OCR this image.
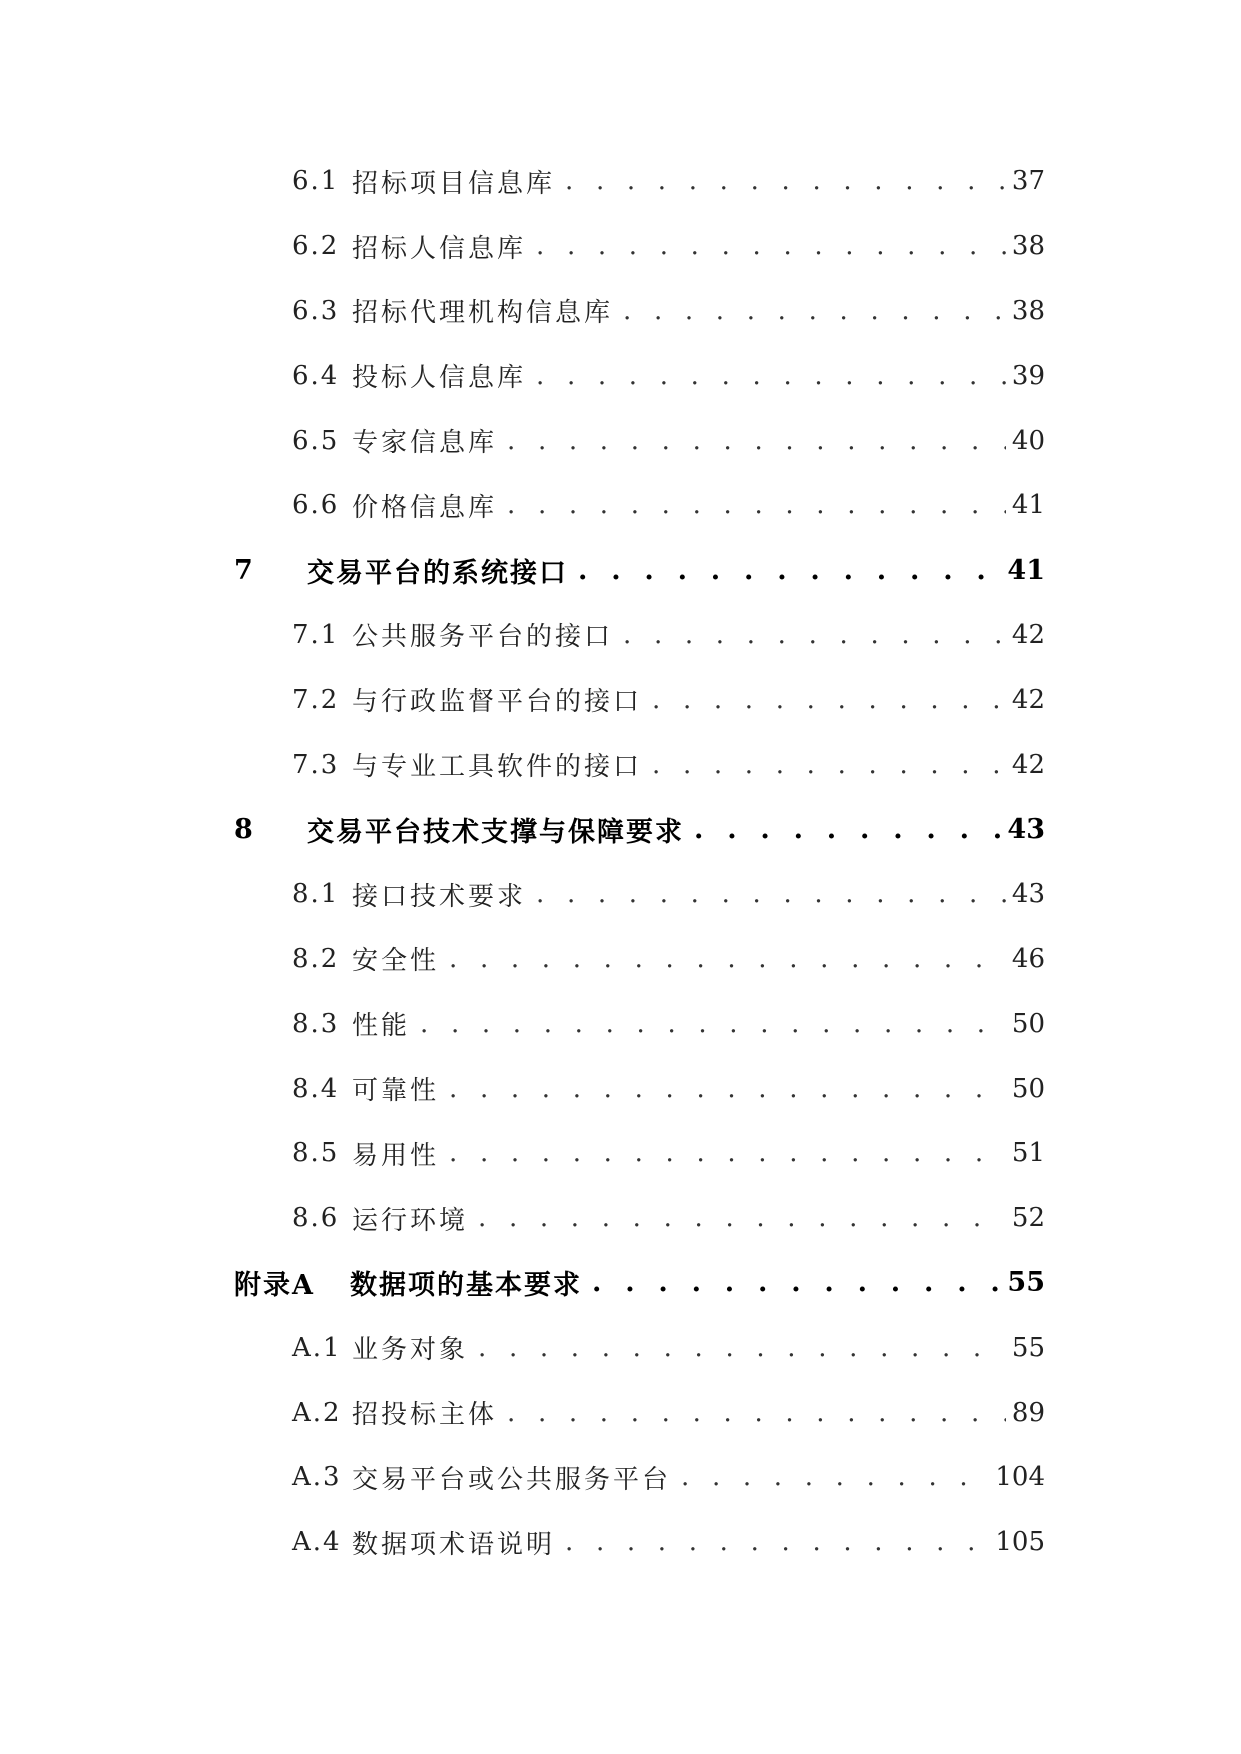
6.1 招标项目信息库 . . .	37
6.2 招标人信息库 . . .	38
6.3 招标代理机构信息库 . . .	38
6.4 投标人信息库 . . .	39
6.5 专家信息库 . . .	40
6.6 价格信息库 . . .	41
7	交易平台的系统接口 . . .	41
7.1 公共服务平台的接口 . . .	42
7.2 与行政监督平台的接口 . . .	42
7.3 与专业工具软件的接口 . . .	42
8	交易平台技术支撑与保障要求 . . .	43
8.1 接口技术要求 . . .	43
8.2 安全性 . . .	46
8.3 性能 . . .	50
8.4 可靠性 . . .	50
8.5 易用性 . . .	51
8.6 运行环境 . . .	52
附录A	数据项的基本要求 . . .	55
A.1 业务对象 . . .	55
A.2 招投标主体 . . .	89
A.3 交易平台或公共服务平台 . . .	104
A.4 数据项术语说明 . . .	105
